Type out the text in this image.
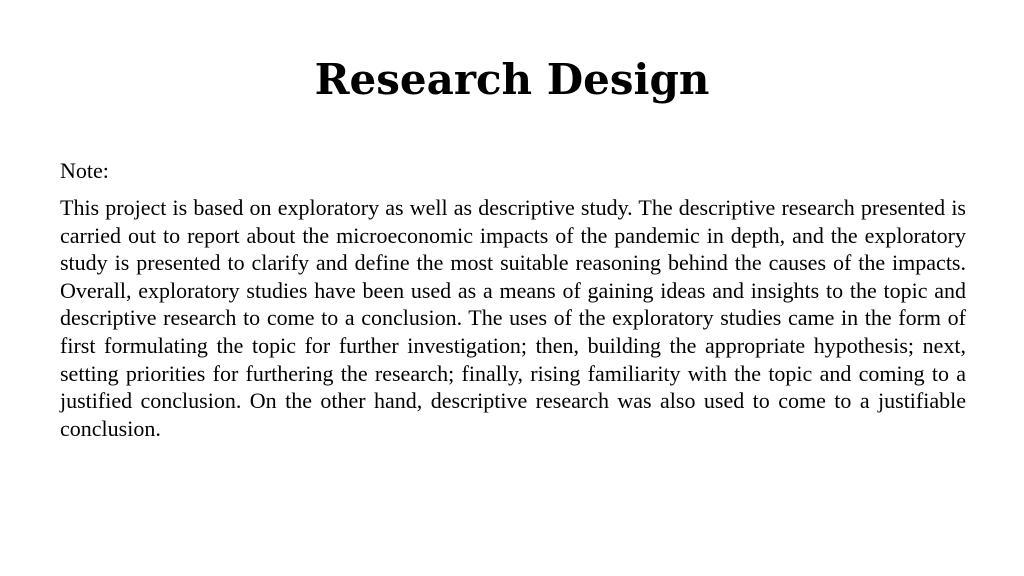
Research Design

Note:

This project is based on exploratory as well as descriptive study. The descriptive research presented is carried out to report about the microeconomic impacts of the pandemic in depth, and the exploratory study is presented to clarify and define the most suitable reasoning behind the causes of the impacts. Overall, exploratory studies have been used as a means of gaining ideas and insights to the topic and descriptive research to come to a conclusion. The uses of the exploratory studies came in the form of first formulating the topic for further investigation; then, building the appropriate hypothesis; next, setting priorities for furthering the research; finally, rising familiarity with the topic and coming to a justified conclusion. On the other hand, descriptive research was also used to come to a justifiable conclusion.
